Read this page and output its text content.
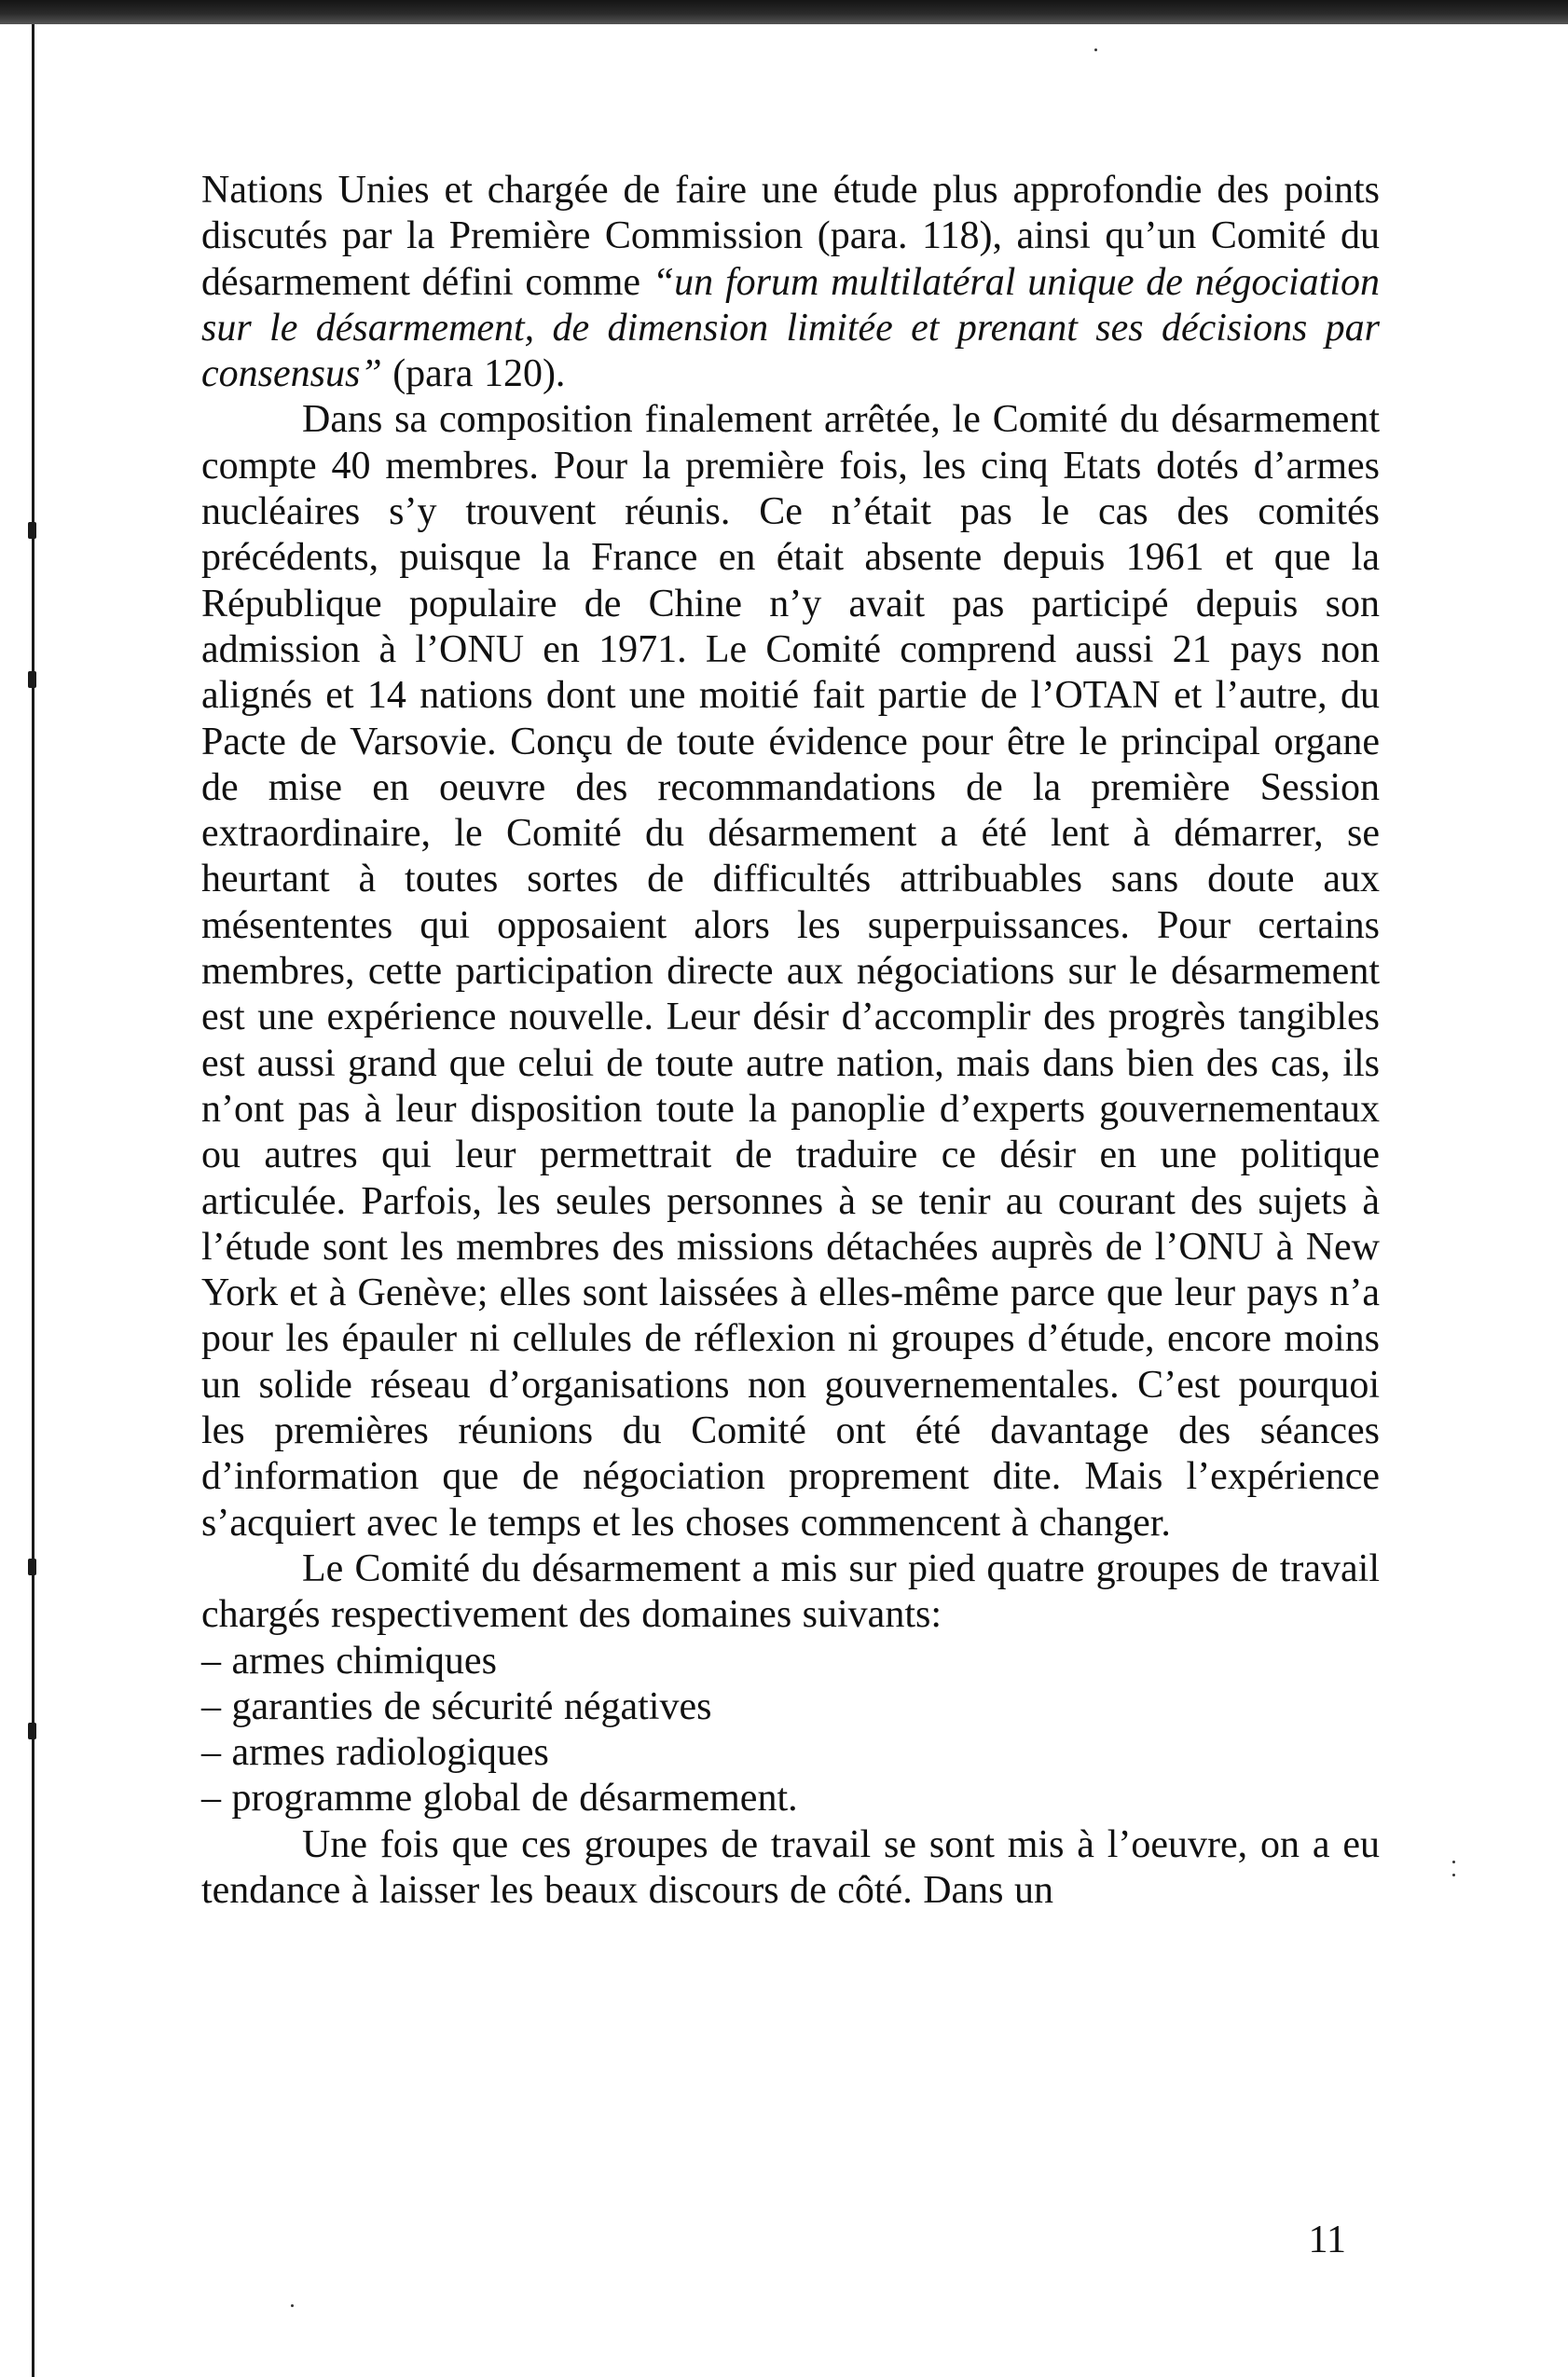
Nations Unies et chargée de faire une étude plus approfondie des points discutés par la Première Commission (para. 118), ainsi qu’un Comité du désarmement défini comme “un forum multilatéral unique de négociation sur le désarmement, de dimension limitée et prenant ses décisions par consensus” (para 120).

Dans sa composition finalement arrêtée, le Comité du désarmement compte 40 membres. Pour la première fois, les cinq Etats dotés d’armes nucléaires s’y trouvent réunis. Ce n’était pas le cas des comités précédents, puisque la France en était absente depuis 1961 et que la République populaire de Chine n’y avait pas participé depuis son admission à l’ONU en 1971. Le Comité comprend aussi 21 pays non alignés et 14 nations dont une moitié fait partie de l’OTAN et l’autre, du Pacte de Varsovie. Conçu de toute évidence pour être le principal organe de mise en oeuvre des recommandations de la première Session extraordinaire, le Comité du désarmement a été lent à démarrer, se heurtant à toutes sortes de difficultés attribuables sans doute aux mésententes qui opposaient alors les superpuissances. Pour certains membres, cette participation directe aux négociations sur le désarmement est une expérience nouvelle. Leur désir d’accomplir des progrès tangibles est aussi grand que celui de toute autre nation, mais dans bien des cas, ils n’ont pas à leur disposition toute la panoplie d’experts gouvernementaux ou autres qui leur permettrait de traduire ce désir en une politique articulée. Parfois, les seules personnes à se tenir au courant des sujets à l’étude sont les membres des missions détachées auprès de l’ONU à New York et à Genève; elles sont laissées à elles-même parce que leur pays n’a pour les épauler ni cellules de réflexion ni groupes d’étude, encore moins un solide réseau d’organisations non gouvernementales. C’est pourquoi les premières réunions du Comité ont été davantage des séances d’information que de négociation proprement dite. Mais l’expérience s’acquiert avec le temps et les choses commencent à changer.

Le Comité du désarmement a mis sur pied quatre groupes de travail chargés respectivement des domaines suivants:

– armes chimiques

– garanties de sécurité négatives

– armes radiologiques

– programme global de désarmement.

Une fois que ces groupes de travail se sont mis à l’oeuvre, on a eu tendance à laisser les beaux discours de côté. Dans un

11
